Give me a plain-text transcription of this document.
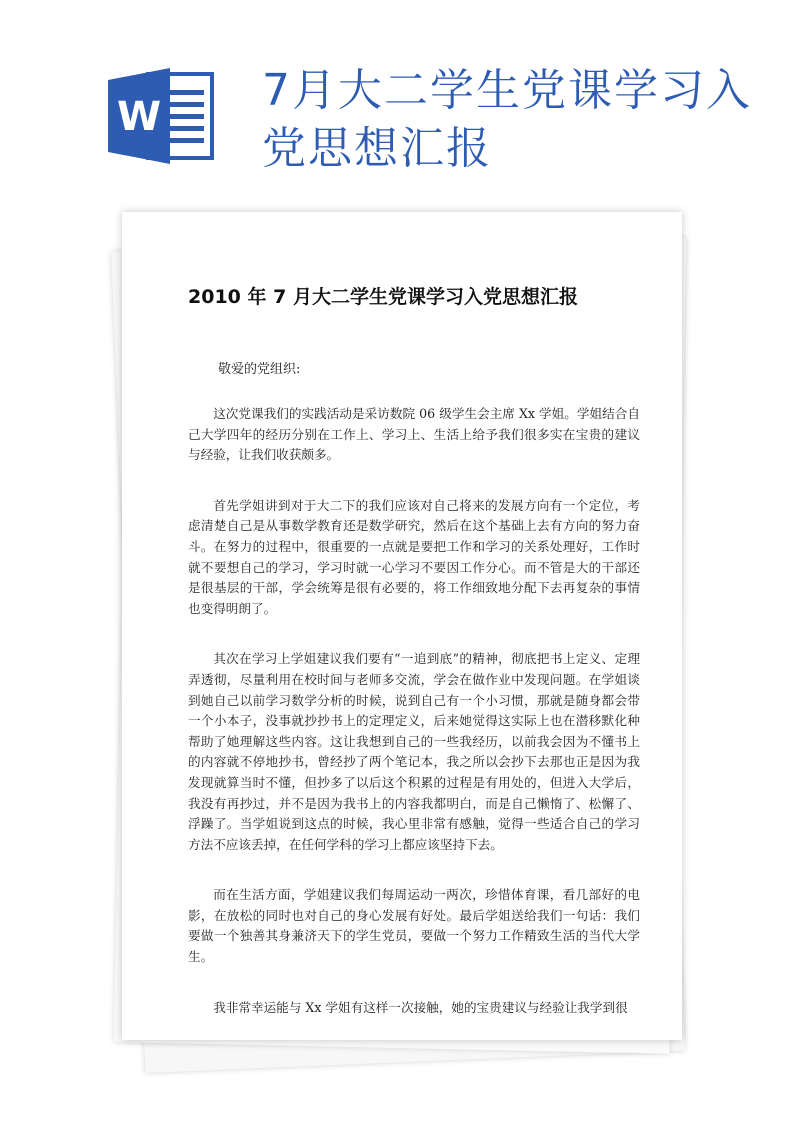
W
7月大二学生党课学习入党思想汇报
2010 年 7 月大二学生党课学习入党思想汇报
敬爱的党组织:

这次党课我们的实践活动是采访数院 06 级学生会主席 Xx 学姐。学姐结合自己大学四年的经历分别在工作上、学习上、生活上给予我们很多实在宝贵的建议与经验，让我们收获颇多。

首先学姐讲到对于大二下的我们应该对自己将来的发展方向有一个定位，考虑清楚自己是从事数学教育还是数学研究，然后在这个基础上去有方向的努力奋斗。在努力的过程中，很重要的一点就是要把工作和学习的关系处理好，工作时就不要想自己的学习，学习时就一心学习不要因工作分心。而不管是大的干部还是很基层的干部，学会统筹是很有必要的，将工作细致地分配下去再复杂的事情也变得明朗了。

其次在学习上学姐建议我们要有“一追到底”的精神，彻底把书上定义、定理弄透彻，尽量利用在校时间与老师多交流，学会在做作业中发现问题。在学姐谈到她自己以前学习数学分析的时候，说到自己有一个小习惯，那就是随身都会带一个小本子，没事就抄抄书上的定理定义，后来她觉得这实际上也在潜移默化种帮助了她理解这些内容。这让我想到自己的一些我经历，以前我会因为不懂书上的内容就不停地抄书，曾经抄了两个笔记本，我之所以会抄下去那也正是因为我发现就算当时不懂，但抄多了以后这个积累的过程是有用处的，但进入大学后，我没有再抄过，并不是因为我书上的内容我都明白，而是自己懒惰了、松懈了、浮躁了。当学姐说到这点的时候，我心里非常有感触，觉得一些适合自己的学习方法不应该丢掉，在任何学科的学习上都应该坚持下去。

而在生活方面，学姐建议我们每周运动一两次，珍惜体育课，看几部好的电影，在放松的同时也对自己的身心发展有好处。最后学姐送给我们一句话：我们要做一个独善其身兼济天下的学生党员，要做一个努力工作精致生活的当代大学生。

我非常幸运能与 Xx 学姐有这样一次接触，她的宝贵建议与经验让我学到很
